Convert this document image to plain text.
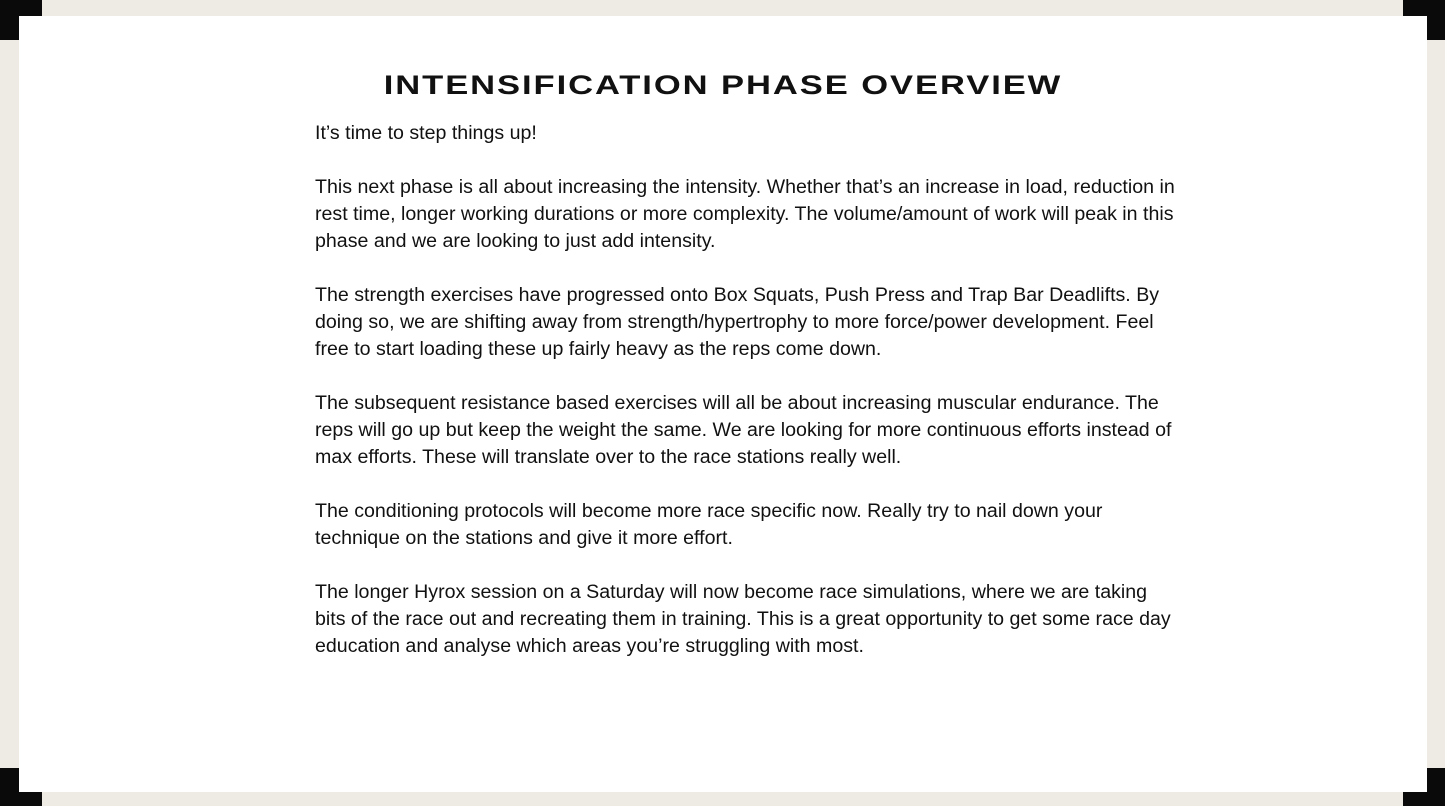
INTENSIFICATION PHASE OVERVIEW

It’s time to step things up!

This next phase is all about increasing the intensity. Whether that’s an increase in load, reduction in rest time, longer working durations or more complexity. The volume/amount of work will peak in this phase and we are looking to just add intensity.

The strength exercises have progressed onto Box Squats, Push Press and Trap Bar Deadlifts. By doing so, we are shifting away from strength/hypertrophy to more force/power development. Feel free to start loading these up fairly heavy as the reps come down.

The subsequent resistance based exercises will all be about increasing muscular endurance. The reps will go up but keep the weight the same. We are looking for more continuous efforts instead of max efforts. These will translate over to the race stations really well.

The conditioning protocols will become more race specific now. Really try to nail down your technique on the stations and give it more effort.

The longer Hyrox session on a Saturday will now become race simulations, where we are taking bits of the race out and recreating them in training. This is a great opportunity to get some race day education and analyse which areas you’re struggling with most.
